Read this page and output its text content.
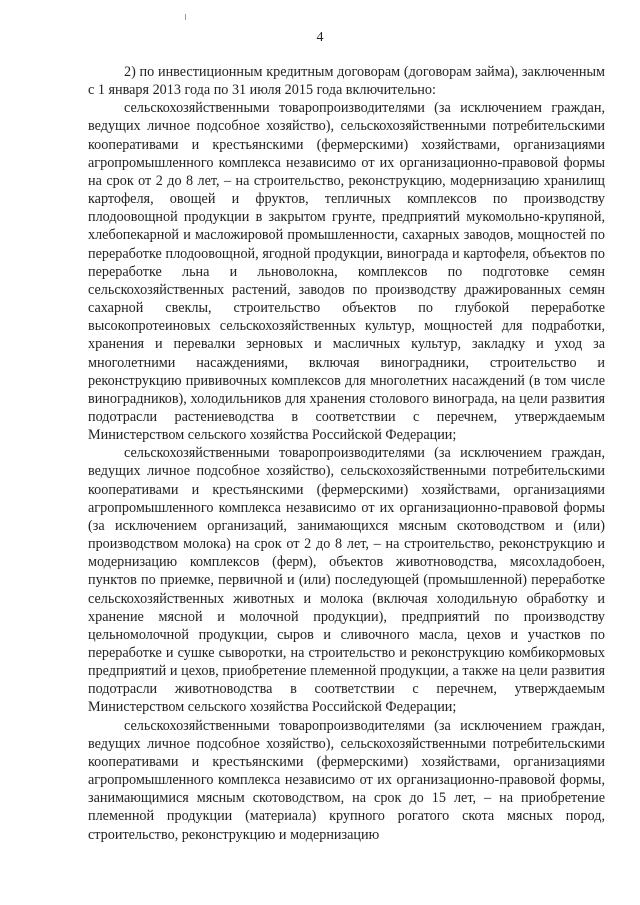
4

2) по инвестиционным кредитным договорам (договорам займа), заключенным с 1 января 2013 года по 31 июля 2015 года включительно:

сельскохозяйственными товаропроизводителями (за исключением граждан, ведущих личное подсобное хозяйство), сельскохозяйственными потребительскими кооперативами и крестьянскими (фермерскими) хозяйствами, организациями агропромышленного комплекса независимо от их организационно-правовой формы на срок от 2 до 8 лет, – на строительство, реконструкцию, модернизацию хранилищ картофеля, овощей и фруктов, тепличных комплексов по производству плодоовощной продукции в закрытом грунте, предприятий мукомольно-крупяной, хлебопекарной и масложировой промышленности, сахарных заводов, мощностей по переработке плодоовощной, ягодной продукции, винограда и картофеля, объектов по переработке льна и льноволокна, комплексов по подготовке семян сельскохозяйственных растений, заводов по производству дражированных семян сахарной свеклы, строительство объектов по глубокой переработке высокопротеиновых сельскохозяйственных культур, мощностей для подработки, хранения и перевалки зерновых и масличных культур, закладку и уход за многолетними насаждениями, включая виноградники, строительство и реконструкцию прививочных комплексов для многолетних насаждений (в том числе виноградников), холодильников для хранения столового винограда, на цели развития подотрасли растениеводства в соответствии с перечнем, утверждаемым Министерством сельского хозяйства Российской Федерации;

сельскохозяйственными товаропроизводителями (за исключением граждан, ведущих личное подсобное хозяйство), сельскохозяйственными потребительскими кооперативами и крестьянскими (фермерскими) хозяйствами, организациями агропромышленного комплекса независимо от их организационно-правовой формы (за исключением организаций, занимающихся мясным скотоводством и (или) производством молока) на срок от 2 до 8 лет, – на строительство, реконструкцию и модернизацию комплексов (ферм), объектов животноводства, мясохладобоен, пунктов по приемке, первичной и (или) последующей (промышленной) переработке сельскохозяйственных животных и молока (включая холодильную обработку и хранение мясной и молочной продукции), предприятий по производству цельномолочной продукции, сыров и сливочного масла, цехов и участков по переработке и сушке сыворотки, на строительство и реконструкцию комбикормовых предприятий и цехов, приобретение племенной продукции, а также на цели развития подотрасли животноводства в соответствии с перечнем, утверждаемым Министерством сельского хозяйства Российской Федерации;

сельскохозяйственными товаропроизводителями (за исключением граждан, ведущих личное подсобное хозяйство), сельскохозяйственными потребительскими кооперативами и крестьянскими (фермерскими) хозяйствами, организациями агропромышленного комплекса независимо от их организационно-правовой формы, занимающимися мясным скотоводством, на срок до 15 лет, – на приобретение племенной продукции (материала) крупного рогатого скота мясных пород, строительство, реконструкцию и модернизацию
